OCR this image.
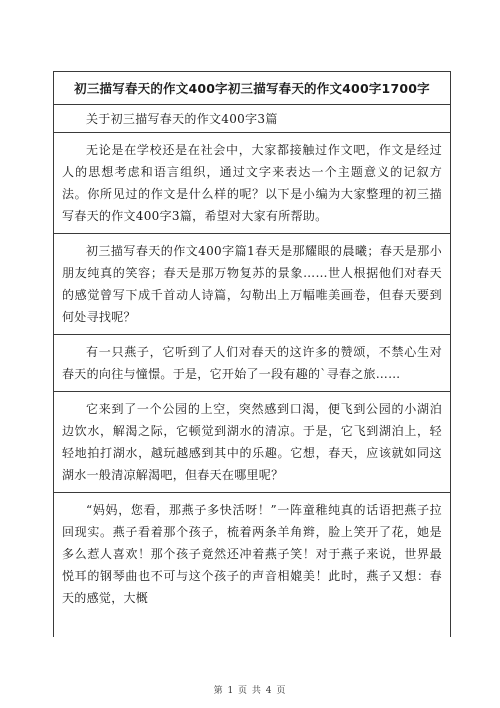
初三描写春天的作文400字初三描写春天的作文400字1700字
关于初三描写春天的作文400字3篇
无论是在学校还是在社会中，大家都接触过作文吧，作文是经过人的思想考虑和语言组织，通过文字来表达一个主题意义的记叙方法。你所见过的作文是什么样的呢？以下是小编为大家整理的初三描写春天的作文400字3篇，希望对大家有所帮助。
初三描写春天的作文400字篇1春天是那耀眼的晨曦；春天是那小朋友纯真的笑容；春天是那万物复苏的景象……世人根据他们对春天的感觉曾写下成千首动人诗篇，勾勒出上万幅唯美画卷，但春天要到何处寻找呢？
有一只燕子，它听到了人们对春天的这许多的赞颂，不禁心生对春天的向往与憧憬。于是，它开始了一段有趣的`寻春之旅……
它来到了一个公园的上空，突然感到口渴，便飞到公园的小湖泊边饮水，解渴之际，它顿觉到湖水的清凉。于是，它飞到湖泊上，轻轻地拍打湖水，越玩越感到其中的乐趣。它想，春天，应该就如同这湖水一般清凉解渴吧，但春天在哪里呢？
“妈妈，您看，那燕子多快活呀！”一阵童稚纯真的话语把燕子拉回现实。燕子看着那个孩子，梳着两条羊角辫，脸上笑开了花，她是多么惹人喜欢！那个孩子竟然还冲着燕子笑！对于燕子来说，世界最悦耳的钢琴曲也不可与这个孩子的声音相媲美！此时，燕子又想：春天的感觉，大概
第 1 页 共 4 页
